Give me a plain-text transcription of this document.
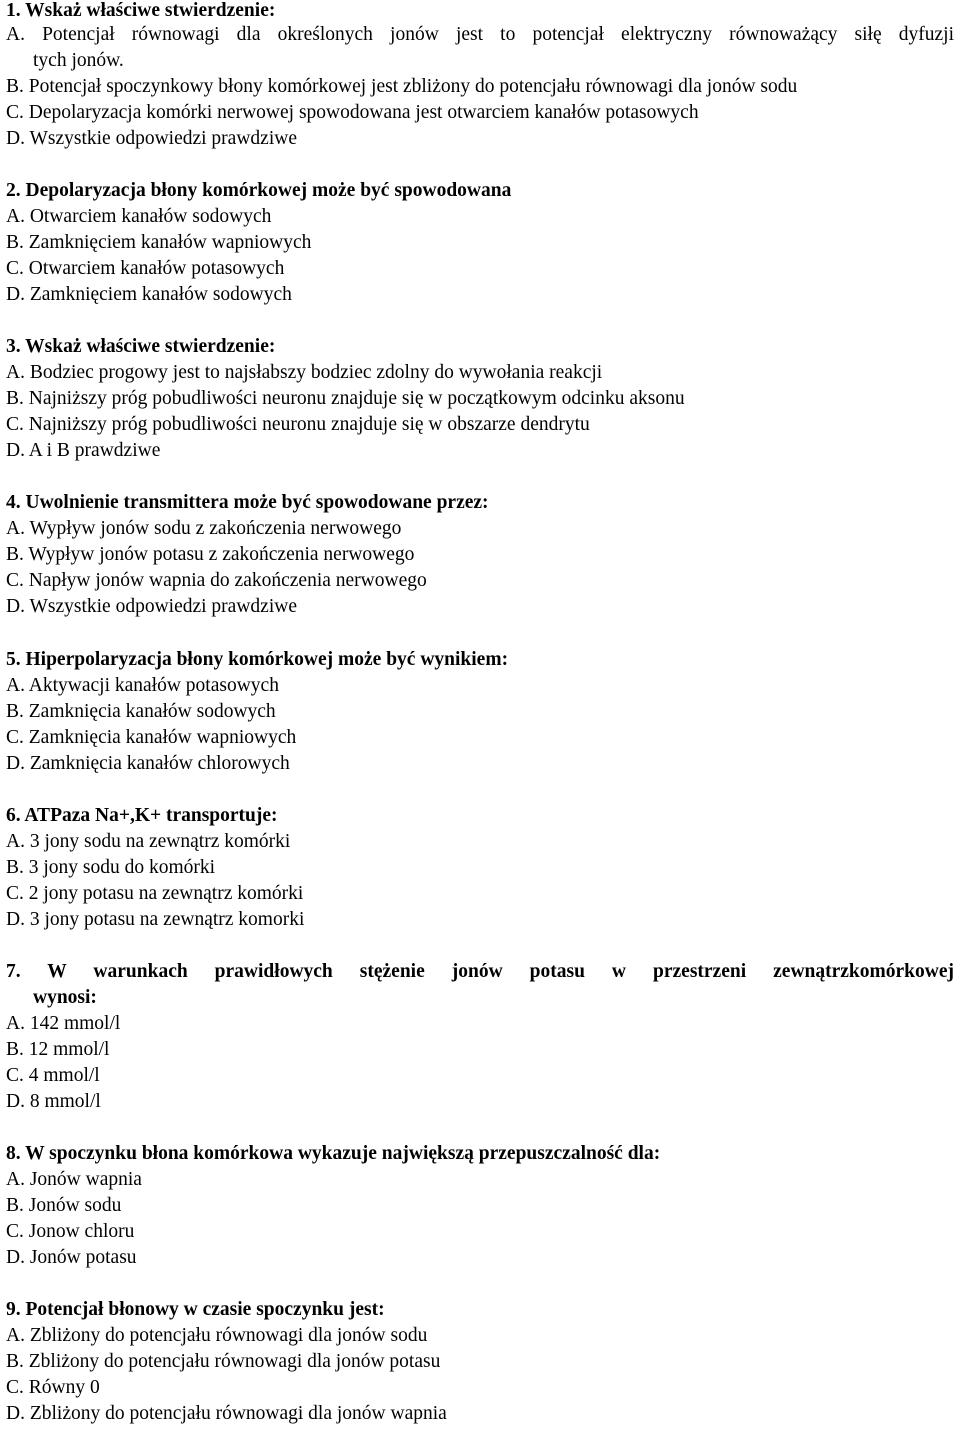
1. Wskaż właściwe stwierdzenie:
A. Potencjał równowagi dla określonych jonów jest to potencjał elektryczny równoważący siłę dyfuzji
tych jonów.
B. Potencjał spoczynkowy błony komórkowej jest zbliżony do potencjału równowagi dla jonów sodu
C. Depolaryzacja komórki nerwowej spowodowana jest otwarciem kanałów potasowych
D. Wszystkie odpowiedzi prawdziwe
2. Depolaryzacja błony komórkowej może być spowodowana
A. Otwarciem kanałów sodowych
B. Zamknięciem kanałów wapniowych
C. Otwarciem kanałów potasowych
D. Zamknięciem kanałów sodowych
3. Wskaż właściwe stwierdzenie:
A. Bodziec progowy jest to najsłabszy bodziec zdolny do wywołania reakcji
B. Najniższy próg pobudliwości neuronu znajduje się w początkowym odcinku aksonu
C. Najniższy próg pobudliwości neuronu znajduje się w obszarze dendrytu
D. A i B prawdziwe
4. Uwolnienie transmittera może być spowodowane przez:
A. Wypływ jonów sodu z zakończenia nerwowego
B. Wypływ jonów potasu z zakończenia nerwowego
C. Napływ jonów wapnia do zakończenia nerwowego
D. Wszystkie odpowiedzi prawdziwe
5. Hiperpolaryzacja błony komórkowej może być wynikiem:
A. Aktywacji kanałów potasowych
B. Zamknięcia kanałów sodowych
C. Zamknięcia kanałów wapniowych
D. Zamknięcia kanałów chlorowych
6. ATPaza Na+,K+ transportuje:
A. 3 jony sodu na zewnątrz komórki
B. 3 jony sodu do komórki
C. 2 jony potasu na zewnątrz komórki
D. 3 jony potasu na zewnątrz komorki
7. W warunkach prawidłowych stężenie jonów potasu w przestrzeni zewnątrzkomórkowej
wynosi:
A. 142 mmol/l
B. 12 mmol/l
C. 4 mmol/l
D. 8 mmol/l
8. W spoczynku błona komórkowa wykazuje największą przepuszczalność dla:
A. Jonów wapnia
B. Jonów sodu
C. Jonow chloru
D. Jonów potasu
9. Potencjał błonowy w czasie spoczynku jest:
A. Zbliżony do potencjału równowagi dla jonów sodu
B. Zbliżony do potencjału równowagi dla jonów potasu
C. Równy 0
D. Zbliżony do potencjału równowagi dla jonów wapnia
